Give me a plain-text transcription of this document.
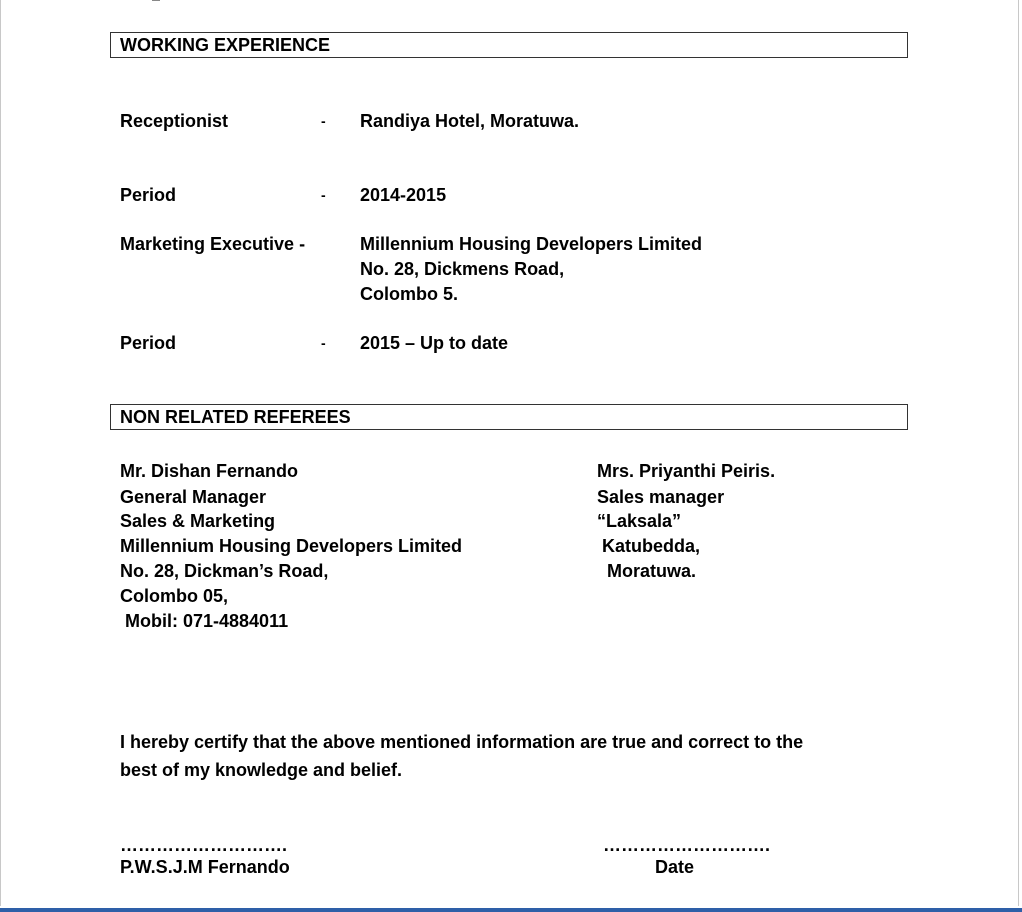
WORKING EXPERIENCE
Receptionist	- Randiya Hotel, Moratuwa.
Period	- 2014-2015
Marketing Executive -	Millennium Housing Developers Limited
No. 28, Dickmens Road,
Colombo 5.
Period	- 2015 – Up to date
NON RELATED REFEREES
Mr. Dishan Fernando
General Manager
Sales & Marketing
Millennium Housing Developers Limited
No. 28, Dickman’s Road,
Colombo 05,
Mobil: 071-4884011
Mrs. Priyanthi Peiris.
Sales manager
“Laksala”
Katubedda,
Moratuwa.
I hereby certify that the above mentioned information are true and correct to the
best of my knowledge and belief.
……………………….
P.W.S.J.M Fernando
……………………….
Date
